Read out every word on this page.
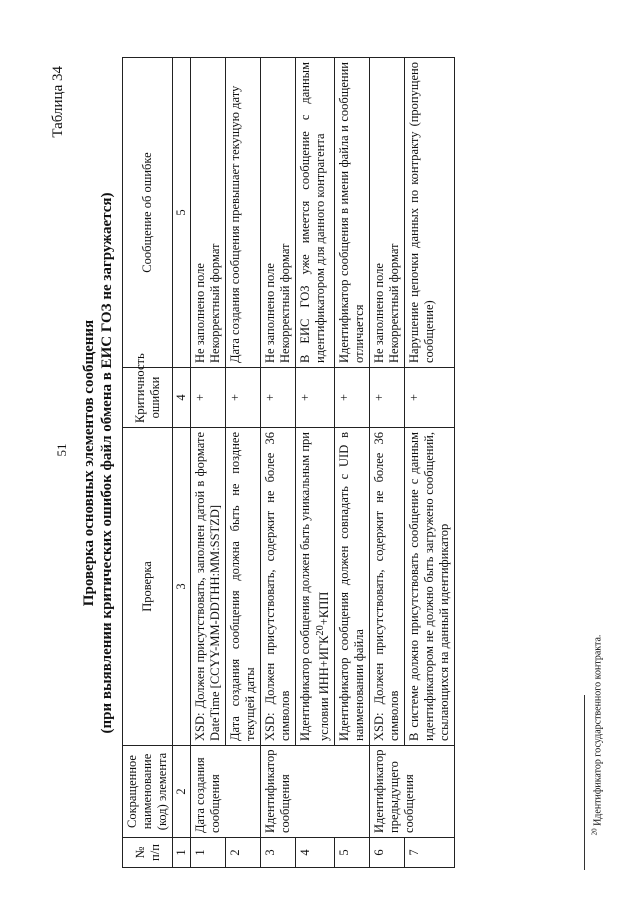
51
Таблица 34
Проверка основных элементов сообщения (при выявлении критических ошибок файл обмена в ЕИС ГОЗ не загружается)
№ п/п	Сокращенное наименование (код) элемента	Проверка	Критичность ошибки	Сообщение об ошибке
1	2	3	4	5
1	Дата создания сообщения	XSD: Должен присутствовать, заполнен датой в формате DateTime [CCYY-MM-DDTHH:MM:SSTZD]	+	Не заполнено поле Некорректный формат

2		Дата создания сообщения должна быть не позднее текущей даты	+	Дата создания сообщения превышает текущую дату
3	Идентификатор сообщения	XSD: Должен присутствовать, содержит не более 36 символов	+	Не заполнено поле Некорректный формат

4		Идентификатор сообщения должен быть уникальным при условии $ИНН+ИГК^{20}+КПП$	+	В ЕИС ГОЗ уже имеется сообщение с данным идентификатором для данного контрагента
5		Идентификатор сообщения должен совпадать с UID в наименовании файла	+	Идентификатор сообщения в имени файла и сообщении отличается
6	Идентификатор предыдущего сообщения	XSD: Должен присутствовать, содержит не более 36 символов	+	Не заполнено поле Некорректный формат

7		В системе должно присутствовать сообщение с данным идентификатором не должно быть загружено сообщений, ссылающихся на данный идентификатор	+	Нарушение цепочки данных по контракту (пропущено сообщение)
$^{20}$ Идентификатор государственного контракта.
